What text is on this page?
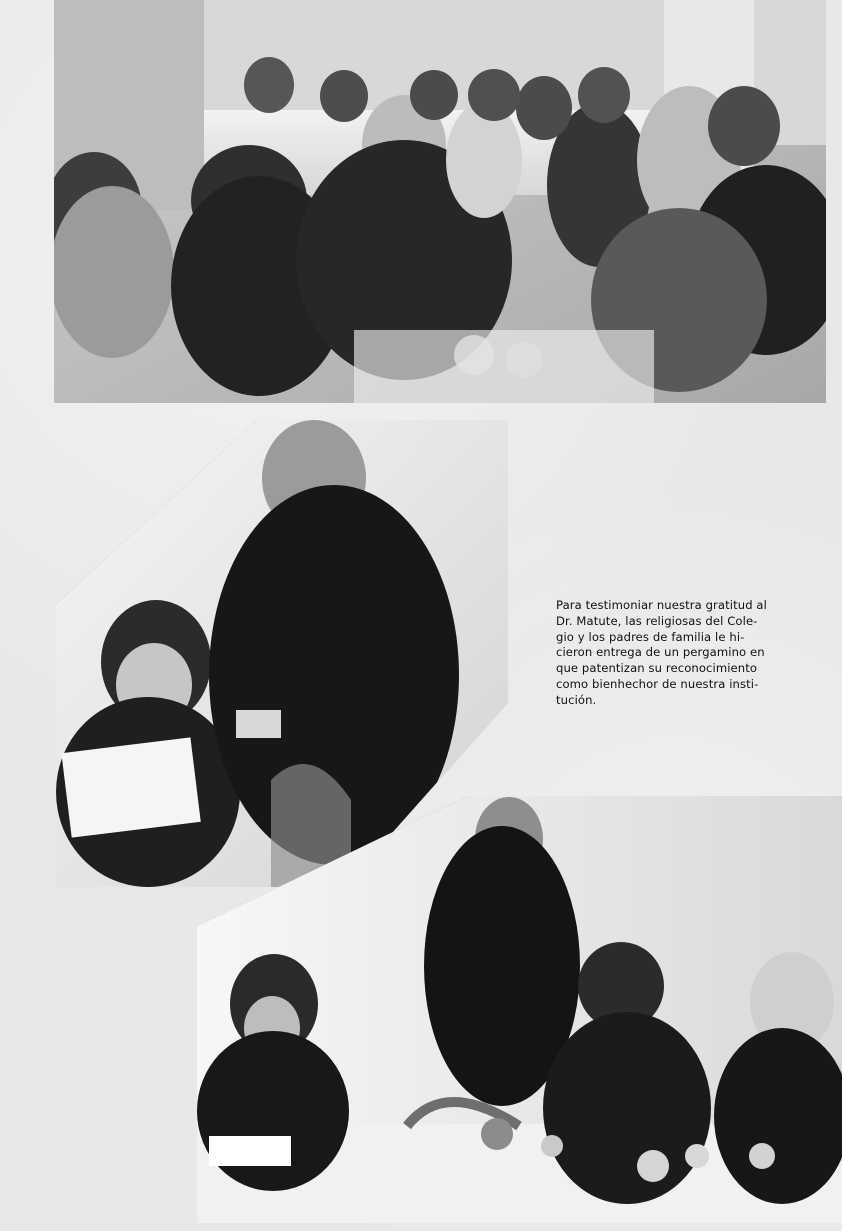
Para testimoniar nuestra gratitud al
Dr. Matute, las religiosas del Cole-
gio y los padres de familia le hi-
cieron entrega de un pergamino en
que patentizan su reconocimiento
como bienhechor de nuestra insti-
tución.
